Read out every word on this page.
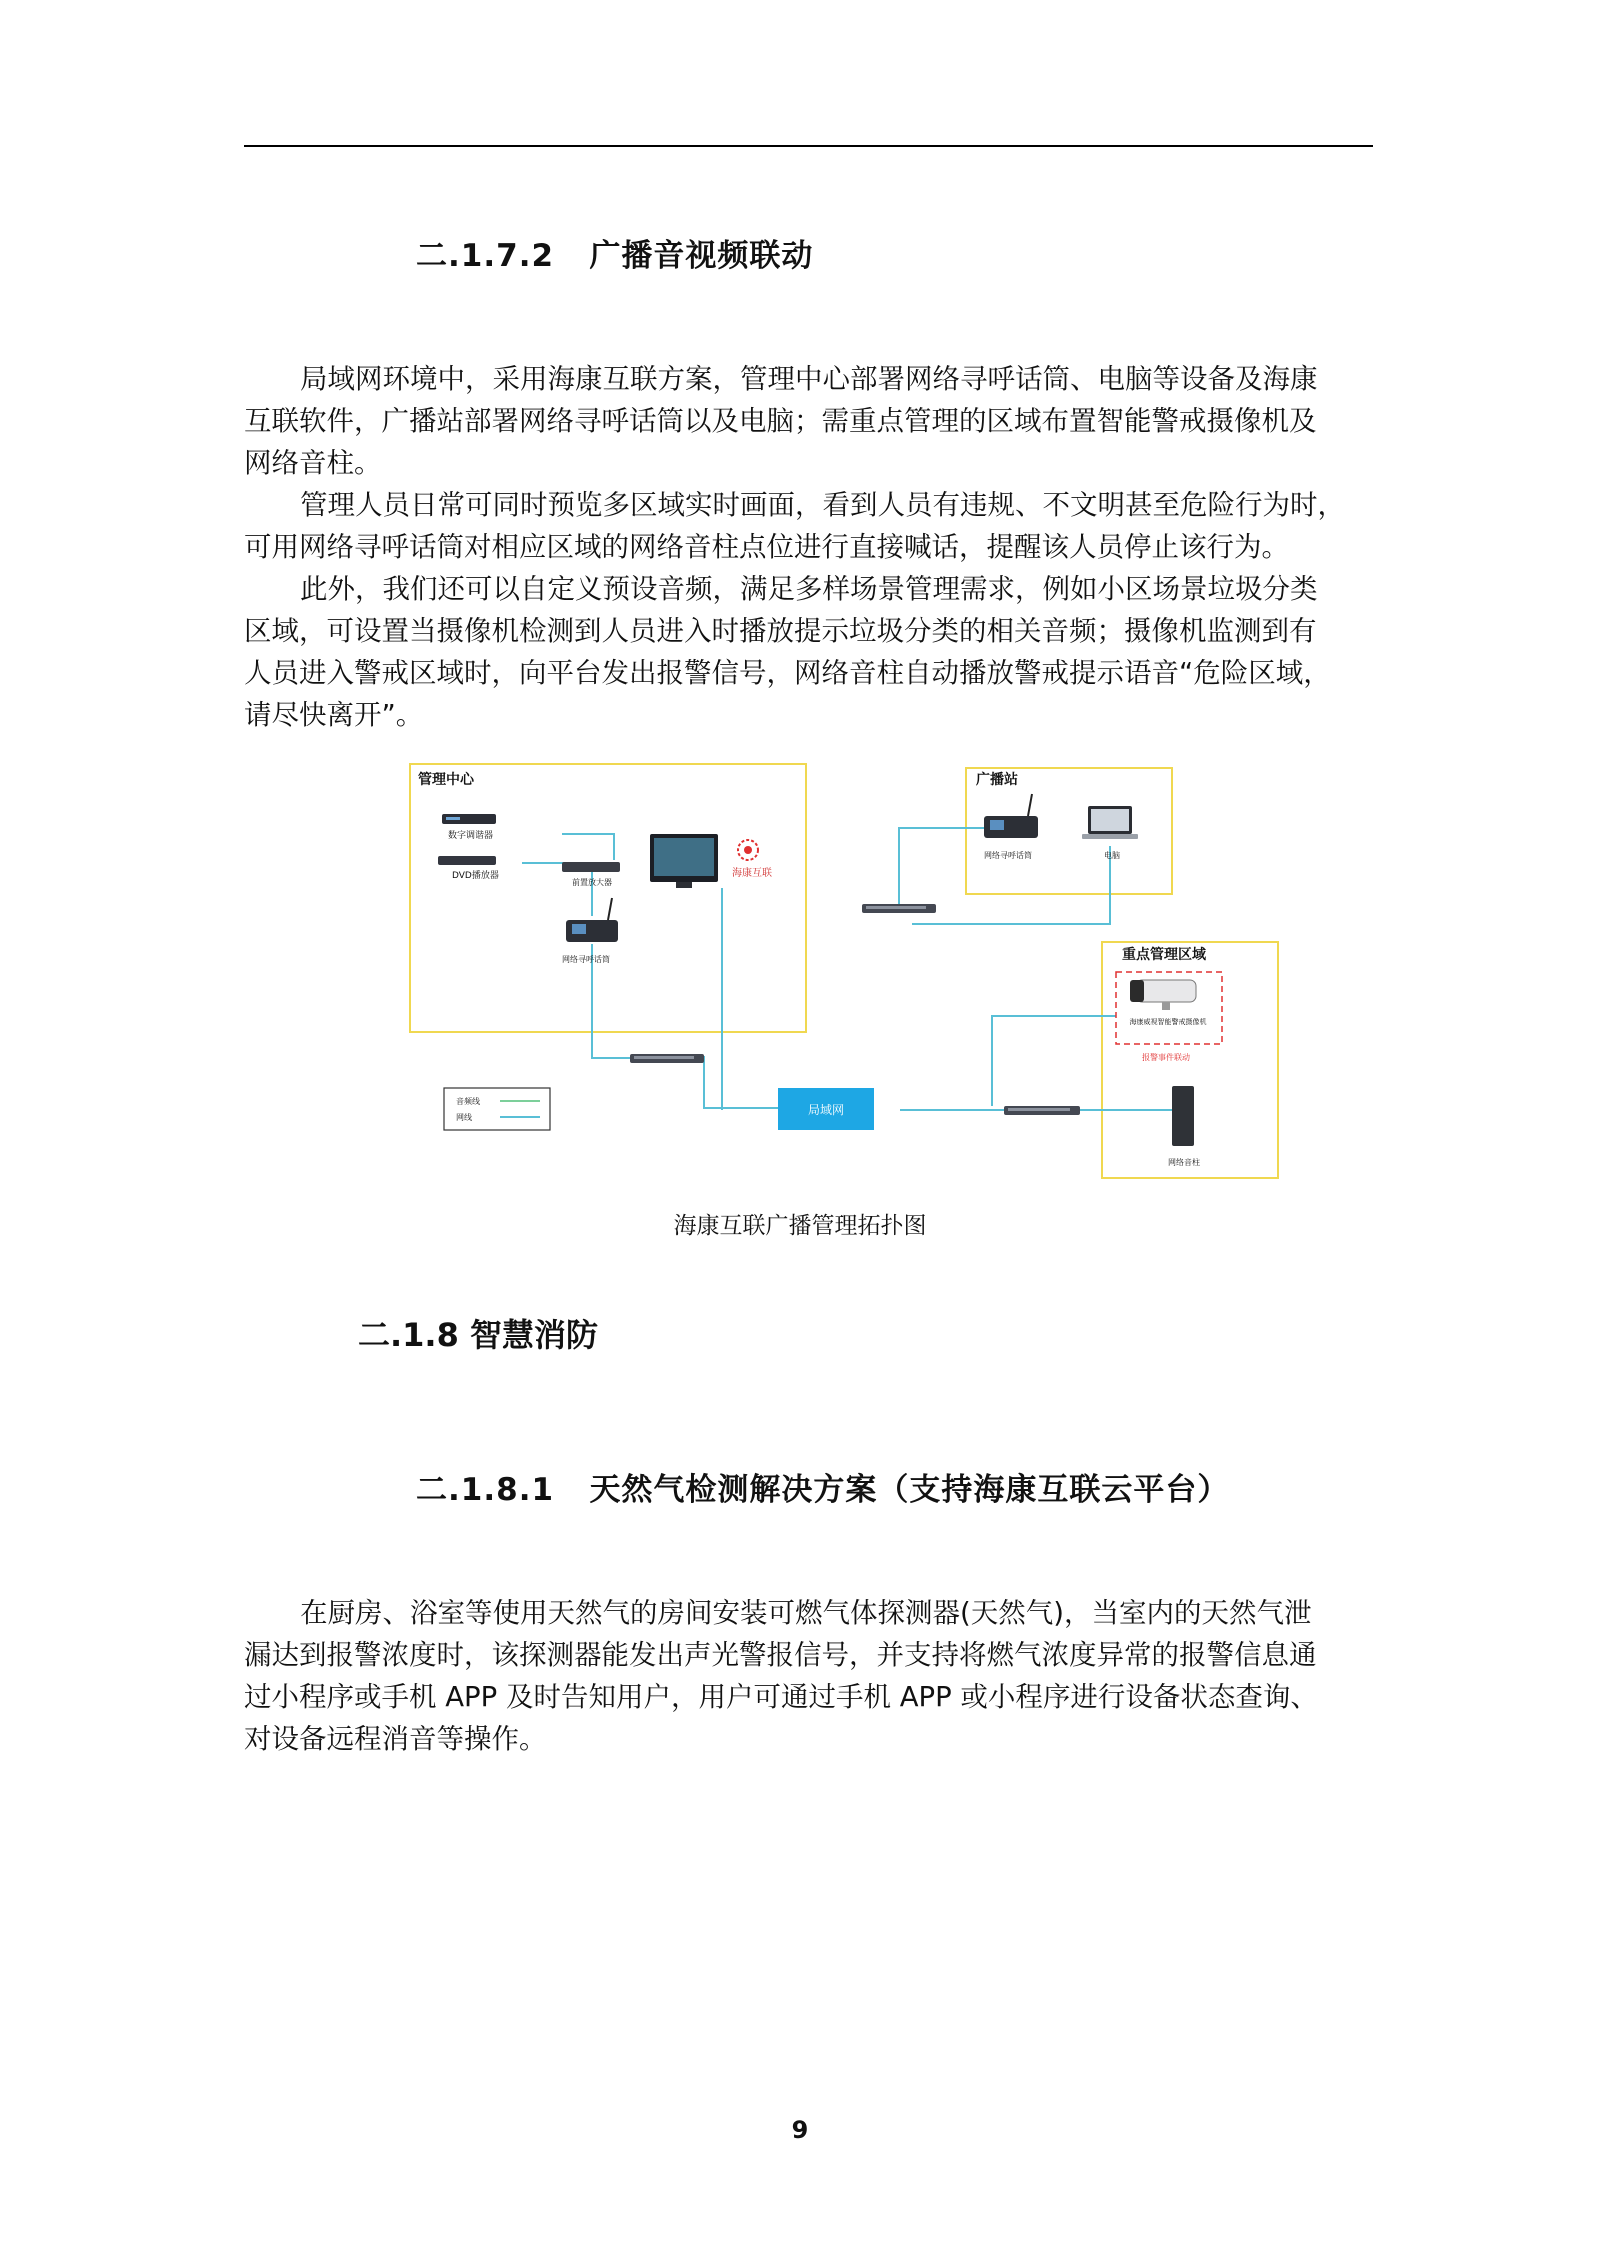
二.1.7.2 广播音视频联动
局域网环境中，采用海康互联方案，管理中心部署网络寻呼话筒、电脑等设备及海康
互联软件，广播站部署网络寻呼话筒以及电脑；需重点管理的区域布置智能警戒摄像机及
网络音柱。
管理人员日常可同时预览多区域实时画面，看到人员有违规、不文明甚至危险行为时，
可用网络寻呼话筒对相应区域的网络音柱点位进行直接喊话，提醒该人员停止该行为。
此外，我们还可以自定义预设音频，满足多样场景管理需求，例如小区场景垃圾分类
区域，可设置当摄像机检测到人员进入时播放提示垃圾分类的相关音频；摄像机监测到有
人员进入警戒区域时，向平台发出报警信号，网络音柱自动播放警戒提示语音“危险区域，
请尽快离开”。
管理中心	广播站
重点管理区域
数字调谐器
DVD播放器
前置放大器
海康互联
网络寻呼话筒
局域网
网络寻呼话筒	电脑
海康威视智能警戒摄像机
报警事件联动
网络音柱
音频线
网线
海康互联广播管理拓扑图
二.1.8 智慧消防
二.1.8.1 天然气检测解决方案（支持海康互联云平台）
在厨房、浴室等使用天然气的房间安装可燃气体探测器(天然气)，当室内的天然气泄
漏达到报警浓度时，该探测器能发出声光警报信号，并支持将燃气浓度异常的报警信息通
过小程序或手机 APP 及时告知用户，用户可通过手机 APP 或小程序进行设备状态查询、
对设备远程消音等操作。
9
